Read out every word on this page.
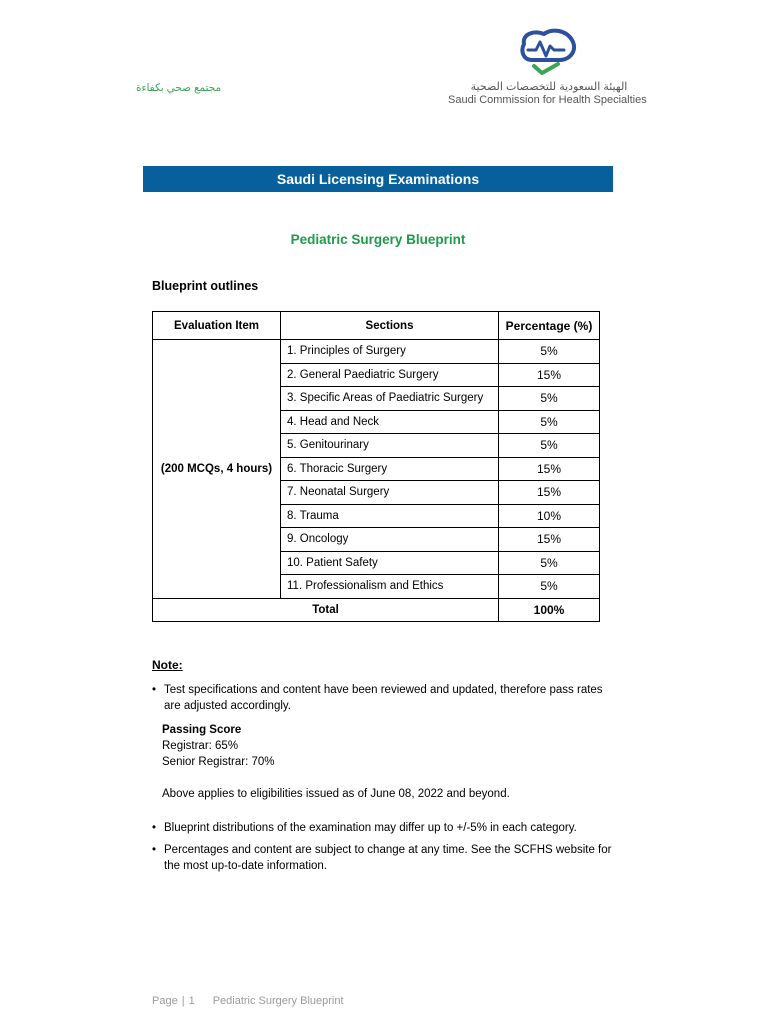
مجتمع صحي بكفاءة	الهيئة السعودية للتخصصات الصحية
Saudi Commission for Health Specialties
Saudi Licensing Examinations
Pediatric Surgery Blueprint
Blueprint outlines
Evaluation Item	Sections	Percentage (%)
(200 MCQs, 4 hours)	1. Principles of Surgery	5%
	2. General Paediatric Surgery	15%
	3. Specific Areas of Paediatric Surgery	5%
	4. Head and Neck	5%
	5. Genitourinary	5%
	6. Thoracic Surgery	15%
	7. Neonatal Surgery	15%
	8. Trauma	10%
	9. Oncology	15%
	10. Patient Safety	5%
	11. Professionalism and Ethics	5%
Total		100%
Note:
• Test specifications and content have been reviewed and updated, therefore pass rates are adjusted accordingly.
Passing Score
Registrar: 65%
Senior Registrar: 70%
Above applies to eligibilities issued as of June 08, 2022 and beyond.
• Blueprint distributions of the examination may differ up to +/-5% in each category.
• Percentages and content are subject to change at any time. See the SCFHS website for the most up-to-date information.
Page | 1 Pediatric Surgery Blueprint
